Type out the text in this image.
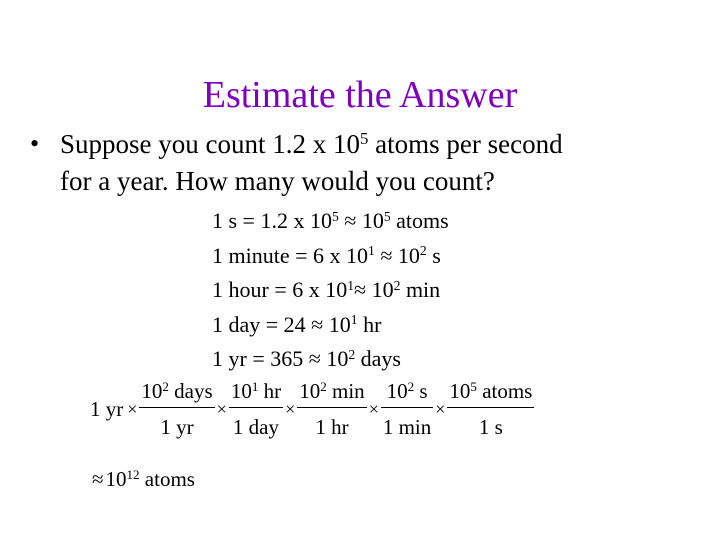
Estimate the Answer
• Suppose you count 1.2 x $10^5$ atoms per second
for a year. How many would you count?
1 s = 1.2 x $10^5 \approx 10^5$ atoms
1 minute = 6 x $10^1 \approx 10^2$ s
1 hour = 6 x $10^1\approx 10^2$ min
1 day = $24 \approx 10^1$ hr
1 yr = $365 \approx 10^2$ days
1 yr × $\frac{10^2 days}{1 yr} \times \frac{10^1 hr}{\text{1 day}} \times \frac{10^2 \min}{1 hr} \times \frac{10^2 s}{1 \min} \times \frac{10^5 atoms}{1 s}$
$\approx 10^{12}$ atoms
